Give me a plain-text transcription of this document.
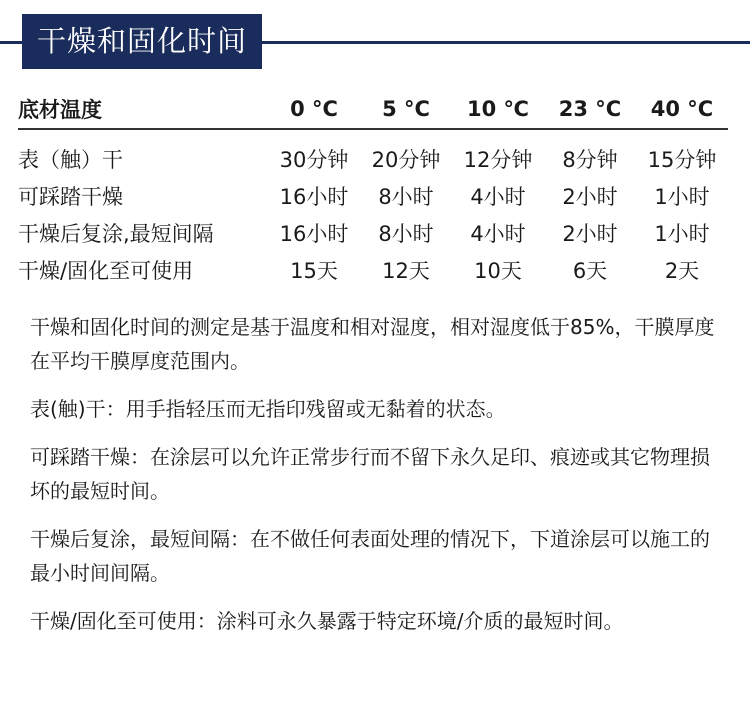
干燥和固化时间
底材温度	0 °C	5 °C	10 ℃	23 °C	40 °C
表（触）干	30分钟	20分钟	12分钟	8分钟	15分钟
可踩踏干燥	16小时	8小时	4小时	2小时	1小时
干燥后复涂,最短间隔	16小时	8小时	4小时	2小时	1小时
干燥/固化至可使用	15天	12天	10天	6天	2天

干燥和固化时间的测定是基于温度和相对湿度，相对湿度低于85%，干膜厚度在平均干膜厚度范围内。

表(触)干：用手指轻压而无指印残留或无黏着的状态。

可踩踏干燥：在涂层可以允许正常步行而不留下永久足印、痕迹或其它物理损坏的最短时间。

干燥后复涂，最短间隔：在不做任何表面处理的情况下，下道涂层可以施工的最小时间间隔。

干燥/固化至可使用：涂料可永久暴露于特定环境/介质的最短时间。
